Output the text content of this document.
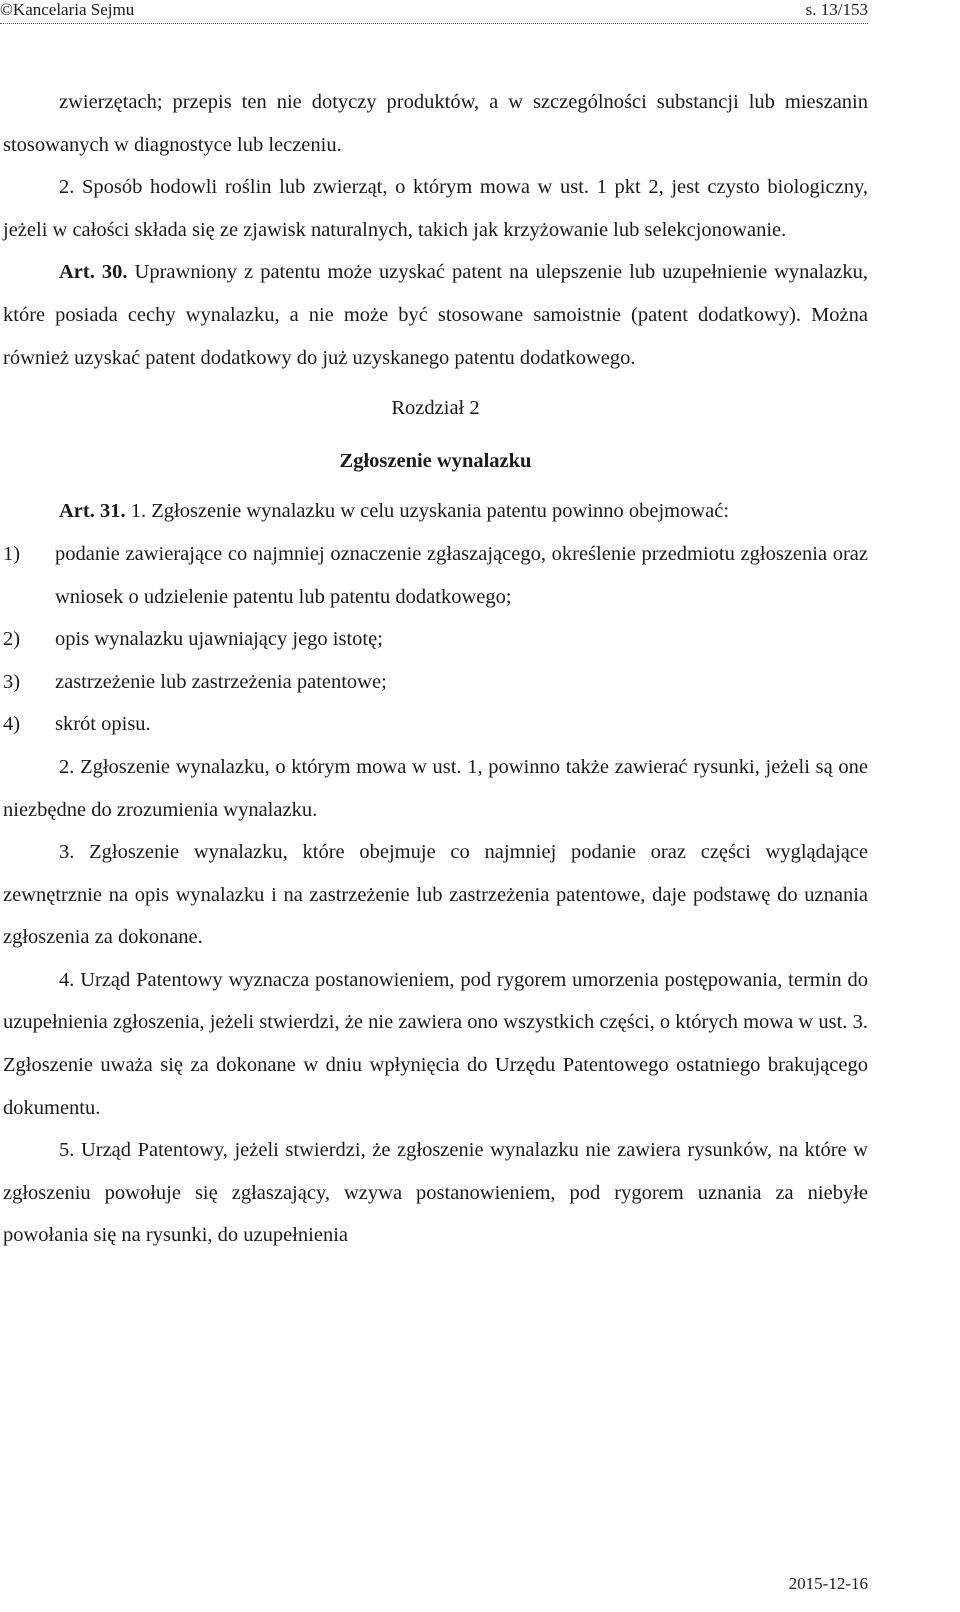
©Kancelaria Sejmu	s. 13/153

zwierzętach; przepis ten nie dotyczy produktów, a w szczególności substancji lub mieszanin stosowanych w diagnostyce lub leczeniu.

2. Sposób hodowli roślin lub zwierząt, o którym mowa w ust. 1 pkt 2, jest czysto biologiczny, jeżeli w całości składa się ze zjawisk naturalnych, takich jak krzyżowanie lub selekcjonowanie.

Art. 30. Uprawniony z patentu może uzyskać patent na ulepszenie lub uzupełnienie wynalazku, które posiada cechy wynalazku, a nie może być stosowane samoistnie (patent dodatkowy). Można również uzyskać patent dodatkowy do już uzyskanego patentu dodatkowego.

Rozdział 2

Zgłoszenie wynalazku

Art. 31. 1. Zgłoszenie wynalazku w celu uzyskania patentu powinno obejmować:

1)	podanie zawierające co najmniej oznaczenie zgłaszającego, określenie przedmiotu zgłoszenia oraz wniosek o udzielenie patentu lub patentu dodatkowego;
2)	opis wynalazku ujawniający jego istotę;
3)	zastrzeżenie lub zastrzeżenia patentowe;
4)	skrót opisu.

2. Zgłoszenie wynalazku, o którym mowa w ust. 1, powinno także zawierać rysunki, jeżeli są one niezbędne do zrozumienia wynalazku.

3. Zgłoszenie wynalazku, które obejmuje co najmniej podanie oraz części wyglądające zewnętrznie na opis wynalazku i na zastrzeżenie lub zastrzeżenia patentowe, daje podstawę do uznania zgłoszenia za dokonane.

4. Urząd Patentowy wyznacza postanowieniem, pod rygorem umorzenia postępowania, termin do uzupełnienia zgłoszenia, jeżeli stwierdzi, że nie zawiera ono wszystkich części, o których mowa w ust. 3. Zgłoszenie uważa się za dokonane w dniu wpłynięcia do Urzędu Patentowego ostatniego brakującego dokumentu.

5. Urząd Patentowy, jeżeli stwierdzi, że zgłoszenie wynalazku nie zawiera rysunków, na które w zgłoszeniu powołuje się zgłaszający, wzywa postanowieniem, pod rygorem uznania za niebyłe powołania się na rysunki, do uzupełnienia

2015-12-16
